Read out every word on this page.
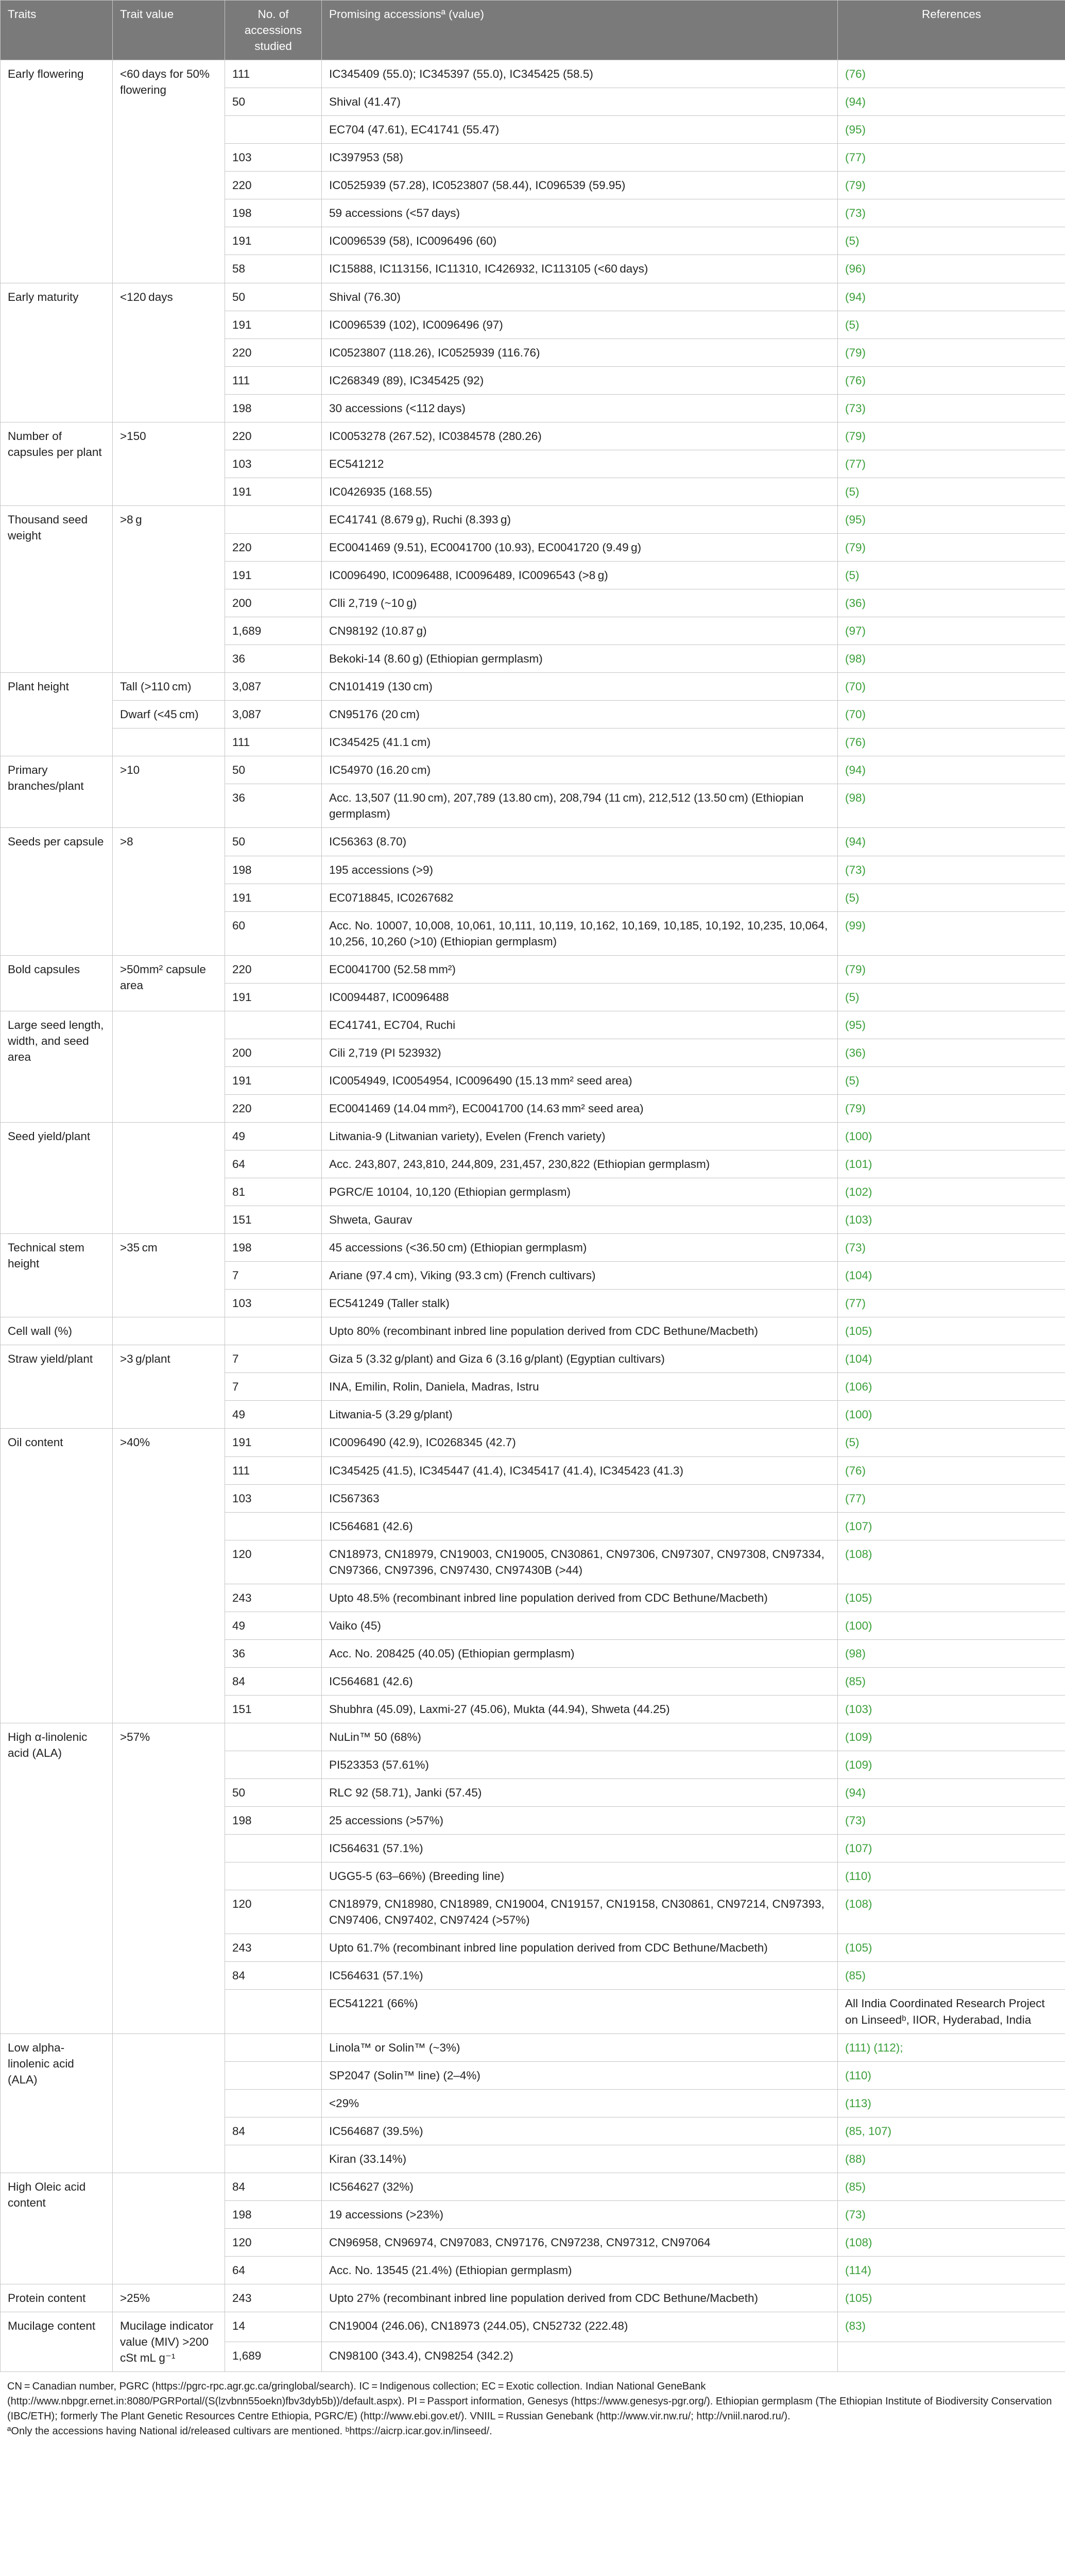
Traits	Trait value	No. of accessions studied	Promising accessionsª (value)	References
Early flowering	<60 days for 50% flowering	111	IC345409 (55.0); IC345397 (55.0), IC345425 (58.5)	(76)
		50	Shival (41.47)	(94)
			EC704 (47.61), EC41741 (55.47)	(95)
		103	IC397953 (58)	(77)
		220	IC0525939 (57.28), IC0523807 (58.44), IC096539 (59.95)	(79)
		198	59 accessions (<57 days)	(73)
		191	IC0096539 (58), IC0096496 (60)	(5)
		58	IC15888, IC113156, IC11310, IC426932, IC113105 (<60 days)	(96)
Early maturity	<120 days	50	Shival (76.30)	(94)
		191	IC0096539 (102), IC0096496 (97)	(5)
		220	IC0523807 (118.26), IC0525939 (116.76)	(79)
		111	IC268349 (89), IC345425 (92)	(76)
		198	30 accessions (<112 days)	(73)
Number of capsules per plant	>150	220	IC0053278 (267.52), IC0384578 (280.26)	(79)
		103	EC541212	(77)
		191	IC0426935 (168.55)	(5)
Thousand seed weight	>8 g		EC41741 (8.679 g), Ruchi (8.393 g)	(95)
		220	EC0041469 (9.51), EC0041700 (10.93), EC0041720 (9.49 g)	(79)
		191	IC0096490, IC0096488, IC0096489, IC0096543 (>8 g)	(5)
		200	Clli 2,719 (~10 g)	(36)
		1,689	CN98192 (10.87 g)	(97)
		36	Bekoki-14 (8.60 g) (Ethiopian germplasm)	(98)
Plant height	Tall (>110 cm)	3,087	CN101419 (130 cm)	(70)
	Dwarf (<45 cm)	3,087	CN95176 (20 cm)	(70)
		111	IC345425 (41.1 cm)	(76)
Primary branches/plant	>10	50	IC54970 (16.20 cm)	(94)
		36	Acc. 13,507 (11.90 cm), 207,789 (13.80 cm), 208,794 (11 cm), 212,512 (13.50 cm) (Ethiopian germplasm)	(98)
Seeds per capsule	>8	50	IC56363 (8.70)	(94)
		198	195 accessions (>9)	(73)
		191	EC0718845, IC0267682	(5)
		60	Acc. No. 10007, 10,008, 10,061, 10,111, 10,119, 10,162, 10,169, 10,185, 10,192, 10,235, 10,064, 10,256, 10,260 (>10) (Ethiopian germplasm)	(99)
Bold capsules	>50mm² capsule area	220	EC0041700 (52.58 mm²)	(79)
		191	IC0094487, IC0096488	(5)
Large seed length, width, and seed area			EC41741, EC704, Ruchi	(95)
		200	Cili 2,719 (PI 523932)	(36)
		191	IC0054949, IC0054954, IC0096490 (15.13 mm² seed area)	(5)
		220	EC0041469 (14.04 mm²), EC0041700 (14.63 mm² seed area)	(79)
Seed yield/plant		49	Litwania-9 (Litwanian variety), Evelen (French variety)	(100)
		64	Acc. 243,807, 243,810, 244,809, 231,457, 230,822 (Ethiopian germplasm)	(101)
		81	PGRC/E 10104, 10,120 (Ethiopian germplasm)	(102)
		151	Shweta, Gaurav	(103)
Technical stem height	>35 cm	198	45 accessions (<36.50 cm) (Ethiopian germplasm)	(73)
		7	Ariane (97.4 cm), Viking (93.3 cm) (French cultivars)	(104)
		103	EC541249 (Taller stalk)	(77)
Cell wall (%)			Upto 80% (recombinant inbred line population derived from CDC Bethune/Macbeth)	(105)
Straw yield/plant	>3 g/plant	7	Giza 5 (3.32 g/plant) and Giza 6 (3.16 g/plant) (Egyptian cultivars)	(104)
		7	INA, Emilin, Rolin, Daniela, Madras, Istru	(106)
		49	Litwania-5 (3.29 g/plant)	(100)
Oil content	>40%	191	IC0096490 (42.9), IC0268345 (42.7)	(5)
		111	IC345425 (41.5), IC345447 (41.4), IC345417 (41.4), IC345423 (41.3)	(76)
		103	IC567363	(77)
			IC564681 (42.6)	(107)
		120	CN18973, CN18979, CN19003, CN19005, CN30861, CN97306, CN97307, CN97308, CN97334, CN97366, CN97396, CN97430, CN97430B (>44)	(108)
		243	Upto 48.5% (recombinant inbred line population derived from CDC Bethune/Macbeth)	(105)
		49	Vaiko (45)	(100)
		36	Acc. No. 208425 (40.05) (Ethiopian germplasm)	(98)
		84	IC564681 (42.6)	(85)
		151	Shubhra (45.09), Laxmi-27 (45.06), Mukta (44.94), Shweta (44.25)	(103)
High α-linolenic acid (ALA)	>57%		NuLin™ 50 (68%)	(109)
			PI523353 (57.61%)	(109)
		50	RLC 92 (58.71), Janki (57.45)	(94)
		198	25 accessions (>57%)	(73)
			IC564631 (57.1%)	(107)
			UGG5-5 (63–66%) (Breeding line)	(110)
		120	CN18979, CN18980, CN18989, CN19004, CN19157, CN19158, CN30861, CN97214, CN97393, CN97406, CN97402, CN97424 (>57%)	(108)
		243	Upto 61.7% (recombinant inbred line population derived from CDC Bethune/Macbeth)	(105)
		84	IC564631 (57.1%)	(85)
			EC541221 (66%)	All India Coordinated Research Project on Linseedᵇ, IIOR, Hyderabad, India
Low alpha-linolenic acid (ALA)			Linola™ or Solin™ (~3%)	(111) (112);
			SP2047 (Solin™ line) (2–4%)	(110)
			<29%	(113)
		84	IC564687 (39.5%)	(85, 107)
			Kiran (33.14%)	(88)
High Oleic acid content		84	IC564627 (32%)	(85)
		198	19 accessions (>23%)	(73)
		120	CN96958, CN96974, CN97083, CN97176, CN97238, CN97312, CN97064	(108)
		64	Acc. No. 13545 (21.4%) (Ethiopian germplasm)	(114)
Protein content	>25%	243	Upto 27% (recombinant inbred line population derived from CDC Bethune/Macbeth)	(105)
Mucilage content	Mucilage indicator value (MIV) >200 cSt mL g⁻¹	14	CN19004 (246.06), CN18973 (244.05), CN52732 (222.48)	(83)
		1,689	CN98100 (343.4), CN98254 (342.2)	

CN = Canadian number, PGRC (https://pgrc-rpc.agr.gc.ca/gringlobal/search). IC = Indigenous collection; EC = Exotic collection. Indian National GeneBank (http://www.nbpgr.ernet.in:8080/PGRPortal/(S(lzvbnn55oekn)fbv3dyb5b))/default.aspx). PI = Passport information, Genesys (https://www.genesys-pgr.org/). Ethiopian germplasm (The Ethiopian Institute of Biodiversity Conservation (IBC/ETH); formerly The Plant Genetic Resources Centre Ethiopia, PGRC/E) (http://www.ebi.gov.et/). VNIIL = Russian Genebank (http://www.vir.nw.ru/; http://vniil.narod.ru/).

ªOnly the accessions having National id/released cultivars are mentioned. ᵇhttps://aicrp.icar.gov.in/linseed/.
